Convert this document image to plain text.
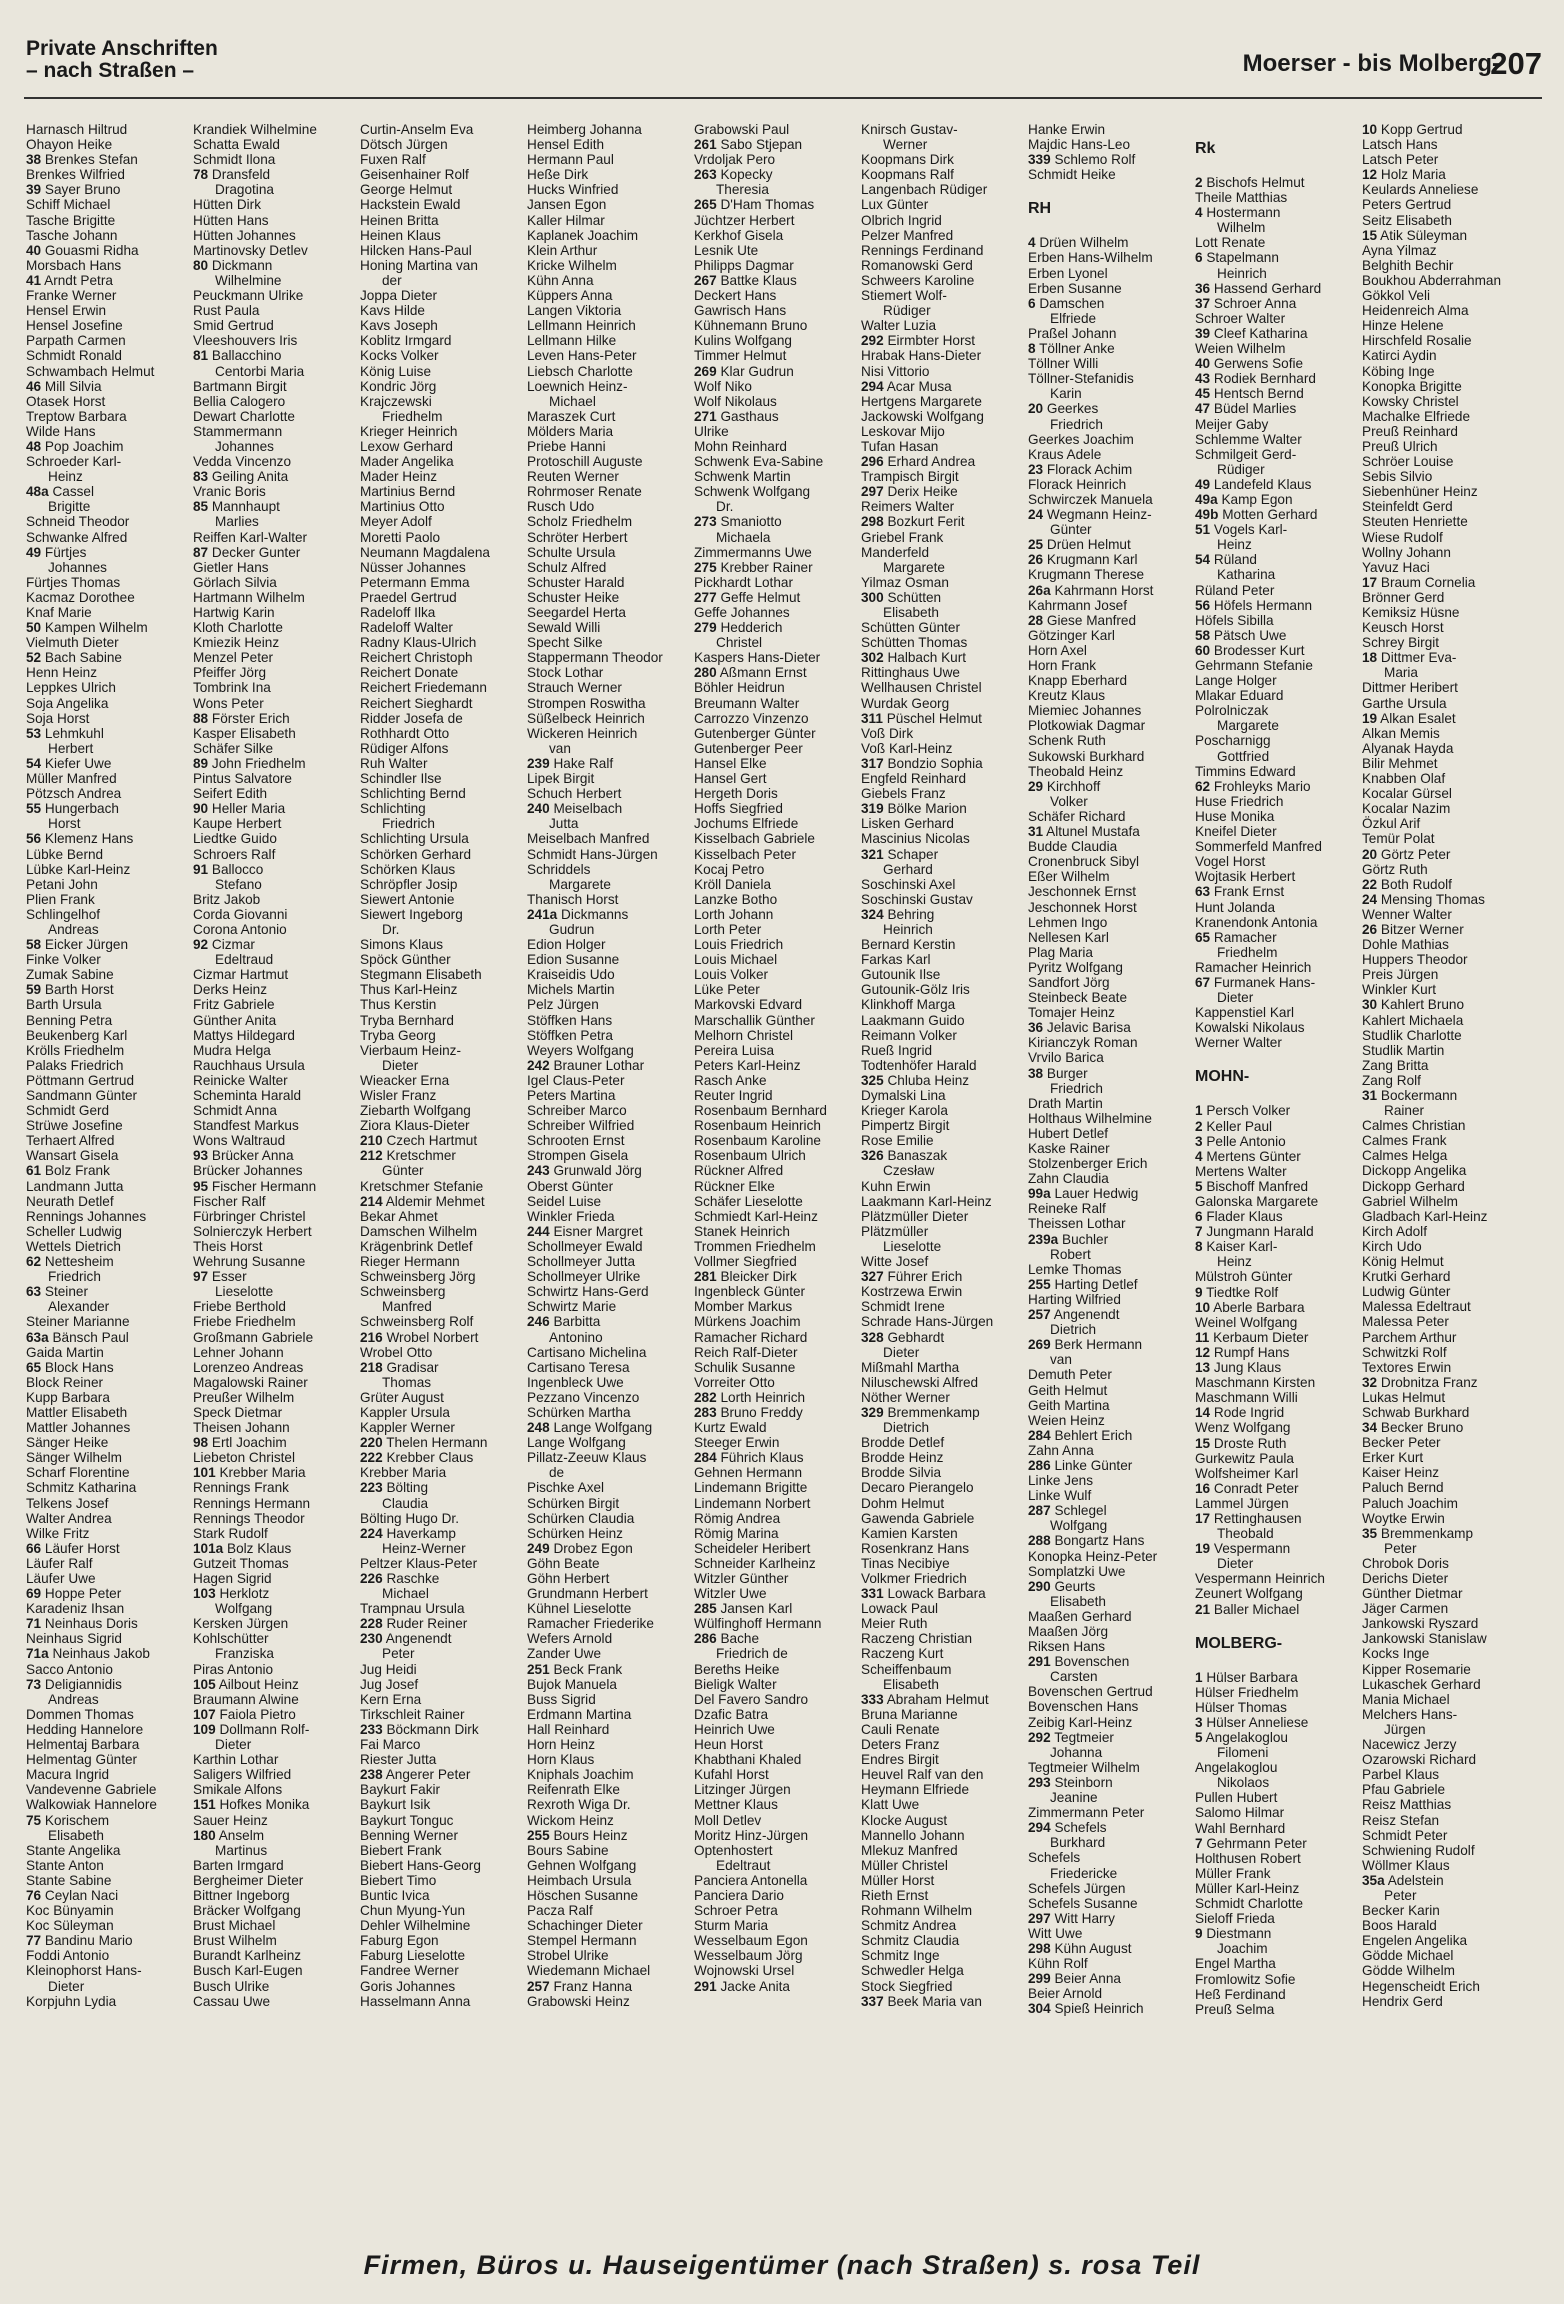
Private Anschriften
– nach Straßen –	Moerser - bis Molberg-
207
Harnasch Hiltrud
Ohayon Heike
38 Brenkes Stefan
Brenkes Wilfried
39 Sayer Bruno
Schiff Michael
Tasche Brigitte
Tasche Johann
40 Gouasmi Ridha
Morsbach Hans
41 Arndt Petra
Franke Werner
Hensel Erwin
Hensel Josefine
Parpath Carmen
Schmidt Ronald
Schwambach Helmut
46 Mill Silvia
Otasek Horst
Treptow Barbara
Wilde Hans
48 Pop Joachim
Schroeder Karl-
Heinz
48a Cassel
Brigitte
Schneid Theodor
Schwanke Alfred
49 Fürtjes
Johannes
Fürtjes Thomas
Kacmaz Dorothee
Knaf Marie
50 Kampen Wilhelm
Vielmuth Dieter
52 Bach Sabine
Henn Heinz
Leppkes Ulrich
Soja Angelika
Soja Horst
53 Lehmkuhl
Herbert
54 Kiefer Uwe
Müller Manfred
Pötzsch Andrea
55 Hungerbach
Horst
56 Klemenz Hans
Lübke Bernd
Lübke Karl-Heinz
Petani John
Plien Frank
Schlingelhof
Andreas
58 Eicker Jürgen
Finke Volker
Zumak Sabine
59 Barth Horst
Barth Ursula
Benning Petra
Beukenberg Karl
Krölls Friedhelm
Palaks Friedrich
Pöttmann Gertrud
Sandmann Günter
Schmidt Gerd
Strüwe Josefine
Terhaert Alfred
Wansart Gisela
61 Bolz Frank
Landmann Jutta
Neurath Detlef
Rennings Johannes
Scheller Ludwig
Wettels Dietrich
62 Nettesheim
Friedrich
63 Steiner
Alexander
Steiner Marianne
63a Bänsch Paul
Gaida Martin
65 Block Hans
Block Reiner
Kupp Barbara
Mattler Elisabeth
Mattler Johannes
Sänger Heike
Sänger Wilhelm
Scharf Florentine
Schmitz Katharina
Telkens Josef
Walter Andrea
Wilke Fritz
66 Läufer Horst
Läufer Ralf
Läufer Uwe
69 Hoppe Peter
Karadeniz Ihsan
71 Neinhaus Doris
Neinhaus Sigrid
71a Neinhaus Jakob
Sacco Antonio
73 Deligiannidis
Andreas
Dommen Thomas
Hedding Hannelore
Helmentaj Barbara
Helmentag Günter
Macura Ingrid
Vandevenne Gabriele
Walkowiak Hannelore
75 Korischem
Elisabeth
Stante Angelika
Stante Anton
Stante Sabine
76 Ceylan Naci
Koc Bünyamin
Koc Süleyman
77 Bandinu Mario
Foddi Antonio
Kleinophorst Hans-
Dieter
Korpjuhn Lydia
Krandiek Wilhelmine
Schatta Ewald
Schmidt Ilona
78 Dransfeld
Dragotina
Hütten Dirk
Hütten Hans
Hütten Johannes
Martinovsky Detlev
80 Dickmann
Wilhelmine
Peuckmann Ulrike
Rust Paula
Smid Gertrud
Vleeshouvers Iris
81 Ballacchino
Centorbi Maria
Bartmann Birgit
Bellia Calogero
Dewart Charlotte
Stammermann
Johannes
Vedda Vincenzo
83 Geiling Anita
Vranic Boris
85 Mannhaupt
Marlies
Reiffen Karl-Walter
87 Decker Gunter
Gietler Hans
Görlach Silvia
Hartmann Wilhelm
Hartwig Karin
Kloth Charlotte
Kmiezik Heinz
Menzel Peter
Pfeiffer Jörg
Tombrink Ina
Wons Peter
88 Förster Erich
Kasper Elisabeth
Schäfer Silke
89 John Friedhelm
Pintus Salvatore
Seifert Edith
90 Heller Maria
Kaupe Herbert
Liedtke Guido
Schroers Ralf
91 Ballocco
Stefano
Britz Jakob
Corda Giovanni
Corona Antonio
92 Cizmar
Edeltraud
Cizmar Hartmut
Derks Heinz
Fritz Gabriele
Günther Anita
Mattys Hildegard
Mudra Helga
Rauchhaus Ursula
Reinicke Walter
Scheminta Harald
Schmidt Anna
Standfest Markus
Wons Waltraud
93 Brücker Anna
Brücker Johannes
95 Fischer Hermann
Fischer Ralf
Fürbringer Christel
Solnierczyk Herbert
Theis Horst
Wehrung Susanne
97 Esser
Lieselotte
Friebe Berthold
Friebe Friedhelm
Großmann Gabriele
Lehner Johann
Lorenzeo Andreas
Magalowski Rainer
Preußer Wilhelm
Speck Dietmar
Theisen Johann
98 Ertl Joachim
Liebeton Christel
101 Krebber Maria
Rennings Frank
Rennings Hermann
Rennings Theodor
Stark Rudolf
101a Bolz Klaus
Gutzeit Thomas
Hagen Sigrid
103 Herklotz
Wolfgang
Kersken Jürgen
Kohlschütter
Franziska
Piras Antonio
105 Ailbout Heinz
Braumann Alwine
107 Faiola Pietro
109 Dollmann Rolf-
Dieter
Karthin Lothar
Saligers Wilfried
Smikale Alfons
151 Hofkes Monika
Sauer Heinz
180 Anselm
Martinus
Barten Irmgard
Bergheimer Dieter
Bittner Ingeborg
Bräcker Wolfgang
Brust Michael
Brust Wilhelm
Burandt Karlheinz
Busch Karl-Eugen
Busch Ulrike
Cassau Uwe
Curtin-Anselm Eva
Dötsch Jürgen
Fuxen Ralf
Geisenhainer Rolf
George Helmut
Hackstein Ewald
Heinen Britta
Heinen Klaus
Hilcken Hans-Paul
Honing Martina van
der
Joppa Dieter
Kavs Hilde
Kavs Joseph
Koblitz Irmgard
Kocks Volker
König Luise
Kondric Jörg
Krajczewski
Friedhelm
Krieger Heinrich
Lexow Gerhard
Mader Angelika
Mader Heinz
Martinius Bernd
Martinius Otto
Meyer Adolf
Moretti Paolo
Neumann Magdalena
Nüsser Johannes
Petermann Emma
Praedel Gertrud
Radeloff Ilka
Radeloff Walter
Radny Klaus-Ulrich
Reichert Christoph
Reichert Donate
Reichert Friedemann
Reichert Sieghardt
Ridder Josefa de
Rothhardt Otto
Rüdiger Alfons
Ruh Walter
Schindler Ilse
Schlichting Bernd
Schlichting
Friedrich
Schlichting Ursula
Schörken Gerhard
Schörken Klaus
Schröpfler Josip
Siewert Antonie
Siewert Ingeborg
Dr.
Simons Klaus
Spöck Günther
Stegmann Elisabeth
Thus Karl-Heinz
Thus Kerstin
Tryba Bernhard
Tryba Georg
Vierbaum Heinz-
Dieter
Wieacker Erna
Wisler Franz
Ziebarth Wolfgang
Ziora Klaus-Dieter
210 Czech Hartmut
212 Kretschmer
Günter
Kretschmer Stefanie
214 Aldemir Mehmet
Bekar Ahmet
Damschen Wilhelm
Krägenbrink Detlef
Rieger Hermann
Schweinsberg Jörg
Schweinsberg
Manfred
Schweinsberg Rolf
216 Wrobel Norbert
Wrobel Otto
218 Gradisar
Thomas
Grüter August
Kappler Ursula
Kappler Werner
220 Thelen Hermann
222 Krebber Claus
Krebber Maria
223 Bölting
Claudia
Bölting Hugo Dr.
224 Haverkamp
Heinz-Werner
Peltzer Klaus-Peter
226 Raschke
Michael
Trampnau Ursula
228 Ruder Reiner
230 Angenendt
Peter
Jug Heidi
Jug Josef
Kern Erna
Tirkschleit Rainer
233 Böckmann Dirk
Fai Marco
Riester Jutta
238 Angerer Peter
Baykurt Fakir
Baykurt Isik
Baykurt Tonguc
Benning Werner
Biebert Frank
Biebert Hans-Georg
Biebert Timo
Buntic Ivica
Chun Myung-Yun
Dehler Wilhelmine
Faburg Egon
Faburg Lieselotte
Fandree Werner
Goris Johannes
Hasselmann Anna
Heimberg Johanna
Hensel Edith
Hermann Paul
Heße Dirk
Hucks Winfried
Jansen Egon
Kaller Hilmar
Kaplanek Joachim
Klein Arthur
Kricke Wilhelm
Kühn Anna
Küppers Anna
Langen Viktoria
Lellmann Heinrich
Lellmann Hilke
Leven Hans-Peter
Liebsch Charlotte
Loewnich Heinz-
Michael
Maraszek Curt
Mölders Maria
Priebe Hanni
Protoschill Auguste
Reuten Werner
Rohrmoser Renate
Rusch Udo
Scholz Friedhelm
Schröter Herbert
Schulte Ursula
Schulz Alfred
Schuster Harald
Schuster Heike
Seegardel Herta
Sewald Willi
Specht Silke
Stappermann Theodor
Stock Lothar
Strauch Werner
Strompen Roswitha
Süßelbeck Heinrich
Wickeren Heinrich
van
239 Hake Ralf
Lipek Birgit
Schuch Herbert
240 Meiselbach
Jutta
Meiselbach Manfred
Schmidt Hans-Jürgen
Schriddels
Margarete
Thanisch Horst
241a Dickmanns
Gudrun
Edion Holger
Edion Susanne
Kraiseidis Udo
Michels Martin
Pelz Jürgen
Stöffken Hans
Stöffken Petra
Weyers Wolfgang
242 Brauner Lothar
Igel Claus-Peter
Peters Martina
Schreiber Marco
Schreiber Wilfried
Schrooten Ernst
Strompen Gisela
243 Grunwald Jörg
Oberst Günter
Seidel Luise
Winkler Frieda
244 Eisner Margret
Schollmeyer Ewald
Schollmeyer Jutta
Schollmeyer Ulrike
Schwirtz Hans-Gerd
Schwirtz Marie
246 Barbitta
Antonino
Cartisano Michelina
Cartisano Teresa
Ingenbleck Uwe
Pezzano Vincenzo
Schürken Martha
248 Lange Wolfgang
Lange Wolfgang
Pillatz-Zeeuw Klaus
de
Pischke Axel
Schürken Birgit
Schürken Claudia
Schürken Heinz
249 Drobez Egon
Göhn Beate
Göhn Herbert
Grundmann Herbert
Kühnel Lieselotte
Ramacher Friederike
Wefers Arnold
Zander Uwe
251 Beck Frank
Bujok Manuela
Buss Sigrid
Erdmann Martina
Hall Reinhard
Horn Heinz
Horn Klaus
Kniphals Joachim
Reifenrath Elke
Rexroth Wiga Dr.
Wickom Heinz
255 Bours Heinz
Bours Sabine
Gehnen Wolfgang
Heimbach Ursula
Höschen Susanne
Pacza Ralf
Schachinger Dieter
Stempel Hermann
Strobel Ulrike
Wiedemann Michael
257 Franz Hanna
Grabowski Heinz
Grabowski Paul
261 Sabo Stjepan
Vrdoljak Pero
263 Kopecky
Theresia
265 D'Ham Thomas
Jüchtzer Herbert
Kerkhof Gisela
Lesnik Ute
Philipps Dagmar
267 Battke Klaus
Deckert Hans
Gawrisch Hans
Kühnemann Bruno
Kulins Wolfgang
Timmer Helmut
269 Klar Gudrun
Wolf Niko
Wolf Nikolaus
271 Gasthaus
Ulrike
Mohn Reinhard
Schwenk Eva-Sabine
Schwenk Martin
Schwenk Wolfgang
Dr.
273 Smaniotto
Michaela
Zimmermanns Uwe
275 Krebber Rainer
Pickhardt Lothar
277 Geffe Helmut
Geffe Johannes
279 Hedderich
Christel
Kaspers Hans-Dieter
280 Aßmann Ernst
Böhler Heidrun
Breumann Walter
Carrozzo Vinzenzo
Gutenberger Günter
Gutenberger Peer
Hansel Elke
Hansel Gert
Hergeth Doris
Hoffs Siegfried
Jochums Elfriede
Kisselbach Gabriele
Kisselbach Peter
Kocaj Petro
Kröll Daniela
Lanzke Botho
Lorth Johann
Lorth Peter
Louis Friedrich
Louis Michael
Louis Volker
Lüke Peter
Markovski Edvard
Marschallik Günther
Melhorn Christel
Pereira Luisa
Peters Karl-Heinz
Rasch Anke
Reuter Ingrid
Rosenbaum Bernhard
Rosenbaum Heinrich
Rosenbaum Karoline
Rosenbaum Ulrich
Rückner Alfred
Rückner Elke
Schäfer Lieselotte
Schmiedt Karl-Heinz
Stanek Heinrich
Trommen Friedhelm
Vollmer Siegfried
281 Bleicker Dirk
Ingenbleck Günter
Momber Markus
Mürkens Joachim
Ramacher Richard
Reich Ralf-Dieter
Schulik Susanne
Vorreiter Otto
282 Lorth Heinrich
283 Bruno Freddy
Kurtz Ewald
Steeger Erwin
284 Führich Klaus
Gehnen Hermann
Lindemann Brigitte
Lindemann Norbert
Römig Andrea
Römig Marina
Scheideler Heribert
Schneider Karlheinz
Witzler Günther
Witzler Uwe
285 Jansen Karl
Wülfinghoff Hermann
286 Bache
Friedrich de
Bereths Heike
Bieligk Walter
Del Favero Sandro
Dzafic Batra
Heinrich Uwe
Heun Horst
Khabthani Khaled
Kufahl Horst
Litzinger Jürgen
Mettner Klaus
Moll Detlev
Moritz Hinz-Jürgen
Optenhostert
Edeltraut
Panciera Antonella
Panciera Dario
Schroer Petra
Sturm Maria
Wesselbaum Egon
Wesselbaum Jörg
Wojnowski Ursel
291 Jacke Anita
Knirsch Gustav-
Werner
Koopmans Dirk
Koopmans Ralf
Langenbach Rüdiger
Lux Günter
Olbrich Ingrid
Pelzer Manfred
Rennings Ferdinand
Romanowski Gerd
Schweers Karoline
Stiemert Wolf-
Rüdiger
Walter Luzia
292 Eirmbter Horst
Hrabak Hans-Dieter
Nisi Vittorio
294 Acar Musa
Hertgens Margarete
Jackowski Wolfgang
Leskovar Mijo
Tufan Hasan
296 Erhard Andrea
Trampisch Birgit
297 Derix Heike
Reimers Walter
298 Bozkurt Ferit
Griebel Frank
Manderfeld
Margarete
Yilmaz Osman
300 Schütten
Elisabeth
Schütten Günter
Schütten Thomas
302 Halbach Kurt
Rittinghaus Uwe
Wellhausen Christel
Wurdak Georg
311 Püschel Helmut
Voß Dirk
Voß Karl-Heinz
317 Bondzio Sophia
Engfeld Reinhard
Giebels Franz
319 Bölke Marion
Lisken Gerhard
Mascinius Nicolas
321 Schaper
Gerhard
Soschinski Axel
Soschinski Gustav
324 Behring
Heinrich
Bernard Kerstin
Farkas Karl
Gutounik Ilse
Gutounik-Gölz Iris
Klinkhoff Marga
Laakmann Guido
Reimann Volker
Rueß Ingrid
Todtenhöfer Harald
325 Chluba Heinz
Dymalski Lina
Krieger Karola
Pimpertz Birgit
Rose Emilie
326 Banaszak
Czesław
Kuhn Erwin
Laakmann Karl-Heinz
Plätzmüller Dieter
Plätzmüller
Lieselotte
Witte Josef
327 Führer Erich
Kostrzewa Erwin
Schmidt Irene
Schrade Hans-Jürgen
328 Gebhardt
Dieter
Mißmahl Martha
Niluschewski Alfred
Nöther Werner
329 Bremmenkamp
Dietrich
Brodde Detlef
Brodde Heinz
Brodde Silvia
Decaro Pierangelo
Dohm Helmut
Gawenda Gabriele
Kamien Karsten
Rosenkranz Hans
Tinas Necibiye
Volkmer Friedrich
331 Lowack Barbara
Lowack Paul
Meier Ruth
Raczeng Christian
Raczeng Kurt
Scheiffenbaum
Elisabeth
333 Abraham Helmut
Bruna Marianne
Cauli Renate
Deters Franz
Endres Birgit
Heuvel Ralf van den
Heymann Elfriede
Klatt Uwe
Klocke August
Mannello Johann
Mlekuz Manfred
Müller Christel
Müller Horst
Rieth Ernst
Rohmann Wilhelm
Schmitz Andrea
Schmitz Claudia
Schmitz Inge
Schwedler Helga
Stock Siegfried
337 Beek Maria van
Hanke Erwin
Majdic Hans-Leo
339 Schlemo Rolf
Schmidt Heike
RH
4 Drüen Wilhelm
Erben Hans-Wilhelm
Erben Lyonel
Erben Susanne
6 Damschen
Elfriede
Praßel Johann
8 Töllner Anke
Töllner Willi
Töllner-Stefanidis
Karin
20 Geerkes
Friedrich
Geerkes Joachim
Kraus Adele
23 Florack Achim
Florack Heinrich
Schwirczek Manuela
24 Wegmann Heinz-
Günter
25 Drüen Helmut
26 Krugmann Karl
Krugmann Therese
26a Kahrmann Horst
Kahrmann Josef
28 Giese Manfred
Götzinger Karl
Horn Axel
Horn Frank
Knapp Eberhard
Kreutz Klaus
Miemiec Johannes
Plotkowiak Dagmar
Schenk Ruth
Sukowski Burkhard
Theobald Heinz
29 Kirchhoff
Volker
Schäfer Richard
31 Altunel Mustafa
Budde Claudia
Cronenbruck Sibyl
Eßer Wilhelm
Jeschonnek Ernst
Jeschonnek Horst
Lehmen Ingo
Nellesen Karl
Plag Maria
Pyritz Wolfgang
Sandfort Jörg
Steinbeck Beate
Tomajer Heinz
36 Jelavic Barisa
Kirianczyk Roman
Vrvilo Barica
38 Burger
Friedrich
Drath Martin
Holthaus Wilhelmine
Hubert Detlef
Kaske Rainer
Stolzenberger Erich
Zahn Claudia
99a Lauer Hedwig
Reineke Ralf
Theissen Lothar
239a Buchler
Robert
Lemke Thomas
255 Harting Detlef
Harting Wilfried
257 Angenendt
Dietrich
269 Berk Hermann
van
Demuth Peter
Geith Helmut
Geith Martina
Weien Heinz
284 Behlert Erich
Zahn Anna
286 Linke Günter
Linke Jens
Linke Wulf
287 Schlegel
Wolfgang
288 Bongartz Hans
Konopka Heinz-Peter
Somplatzki Uwe
290 Geurts
Elisabeth
Maaßen Gerhard
Maaßen Jörg
Riksen Hans
291 Bovenschen
Carsten
Bovenschen Gertrud
Bovenschen Hans
Zeibig Karl-Heinz
292 Tegtmeier
Johanna
Tegtmeier Wilhelm
293 Steinborn
Jeanine
Zimmermann Peter
294 Schefels
Burkhard
Schefels
Friedericke
Schefels Jürgen
Schefels Susanne
297 Witt Harry
Witt Uwe
298 Kühn August
Kühn Rolf
299 Beier Anna
Beier Arnold
304 Spieß Heinrich
Rk
2 Bischofs Helmut
Theile Matthias
4 Hostermann
Wilhelm
Lott Renate
6 Stapelmann
Heinrich
36 Hassend Gerhard
37 Schroer Anna
Schroer Walter
39 Cleef Katharina
Weien Wilhelm
40 Gerwens Sofie
43 Rodiek Bernhard
45 Hentsch Bernd
47 Büdel Marlies
Meijer Gaby
Schlemme Walter
Schmilgeit Gerd-
Rüdiger
49 Landefeld Klaus
49a Kamp Egon
49b Motten Gerhard
51 Vogels Karl-
Heinz
54 Rüland
Katharina
Rüland Peter
56 Höfels Hermann
Höfels Sibilla
58 Pätsch Uwe
60 Brodesser Kurt
Gehrmann Stefanie
Lange Holger
Mlakar Eduard
Polrolniczak
Margarete
Poscharnigg
Gottfried
Timmins Edward
62 Frohleyks Mario
Huse Friedrich
Huse Monika
Kneifel Dieter
Sommerfeld Manfred
Vogel Horst
Wojtasik Herbert
63 Frank Ernst
Hunt Jolanda
Kranendonk Antonia
65 Ramacher
Friedhelm
Ramacher Heinrich
67 Furmanek Hans-
Dieter
Kappenstiel Karl
Kowalski Nikolaus
Werner Walter
MOHN-
1 Persch Volker
2 Keller Paul
3 Pelle Antonio
4 Mertens Günter
Mertens Walter
5 Bischoff Manfred
Galonska Margarete
6 Flader Klaus
7 Jungmann Harald
8 Kaiser Karl-
Heinz
Mülstroh Günter
9 Tiedtke Rolf
10 Aberle Barbara
Weinel Wolfgang
11 Kerbaum Dieter
12 Rumpf Hans
13 Jung Klaus
Maschmann Kirsten
Maschmann Willi
14 Rode Ingrid
Wenz Wolfgang
15 Droste Ruth
Gurkewitz Paula
Wolfsheimer Karl
16 Conradt Peter
Lammel Jürgen
17 Rettinghausen
Theobald
19 Vespermann
Dieter
Vespermann Heinrich
Zeunert Wolfgang
21 Baller Michael
MOLBERG-
1 Hülser Barbara
Hülser Friedhelm
Hülser Thomas
3 Hülser Anneliese
5 Angelakoglou
Filomeni
Angelakoglou
Nikolaos
Pullen Hubert
Salomo Hilmar
Wahl Bernhard
7 Gehrmann Peter
Holthusen Robert
Müller Frank
Müller Karl-Heinz
Schmidt Charlotte
Sieloff Frieda
9 Diestmann
Joachim
Engel Martha
Fromlowitz Sofie
Heß Ferdinand
Preuß Selma
10 Kopp Gertrud
Latsch Hans
Latsch Peter
12 Holz Maria
Keulards Anneliese
Peters Gertrud
Seitz Elisabeth
15 Atik Süleyman
Ayna Yilmaz
Belghith Bechir
Boukhou Abderrahman
Gökkol Veli
Heidenreich Alma
Hinze Helene
Hirschfeld Rosalie
Katirci Aydin
Köbing Inge
Konopka Brigitte
Kowsky Christel
Machalke Elfriede
Preuß Reinhard
Preuß Ulrich
Schröer Louise
Sebis Silvio
Siebenhüner Heinz
Steinfeldt Gerd
Steuten Henriette
Wiese Rudolf
Wollny Johann
Yavuz Haci
17 Braum Cornelia
Brönner Gerd
Kemiksiz Hüsne
Keusch Horst
Schrey Birgit
18 Dittmer Eva-
Maria
Dittmer Heribert
Garthe Ursula
19 Alkan Esalet
Alkan Memis
Alyanak Hayda
Bilir Mehmet
Knabben Olaf
Kocalar Gürsel
Kocalar Nazim
Özkul Arif
Temür Polat
20 Görtz Peter
Görtz Ruth
22 Both Rudolf
24 Mensing Thomas
Wenner Walter
26 Bitzer Werner
Dohle Mathias
Huppers Theodor
Preis Jürgen
Winkler Kurt
30 Kahlert Bruno
Kahlert Michaela
Studlik Charlotte
Studlik Martin
Zang Britta
Zang Rolf
31 Bockermann
Rainer
Calmes Christian
Calmes Frank
Calmes Helga
Dickopp Angelika
Dickopp Gerhard
Gabriel Wilhelm
Gladbach Karl-Heinz
Kirch Adolf
Kirch Udo
König Helmut
Krutki Gerhard
Ludwig Günter
Malessa Edeltraut
Malessa Peter
Parchem Arthur
Schwitzki Rolf
Textores Erwin
32 Drobnitza Franz
Lukas Helmut
Schwab Burkhard
34 Becker Bruno
Becker Peter
Erker Kurt
Kaiser Heinz
Paluch Bernd
Paluch Joachim
Woytke Erwin
35 Bremmenkamp
Peter
Chrobok Doris
Derichs Dieter
Günther Dietmar
Jäger Carmen
Jankowski Ryszard
Jankowski Stanislaw
Kocks Inge
Kipper Rosemarie
Lukaschek Gerhard
Mania Michael
Melchers Hans-
Jürgen
Nacewicz Jerzy
Ozarowski Richard
Parbel Klaus
Pfau Gabriele
Reisz Matthias
Reisz Stefan
Schmidt Peter
Schwiening Rudolf
Wöllmer Klaus
35a Adelstein
Peter
Becker Karin
Boos Harald
Engelen Angelika
Gödde Michael
Gödde Wilhelm
Hegenscheidt Erich
Hendrix Gerd
Firmen, Büros u. Hauseigentümer (nach Straßen) s. rosa Teil
